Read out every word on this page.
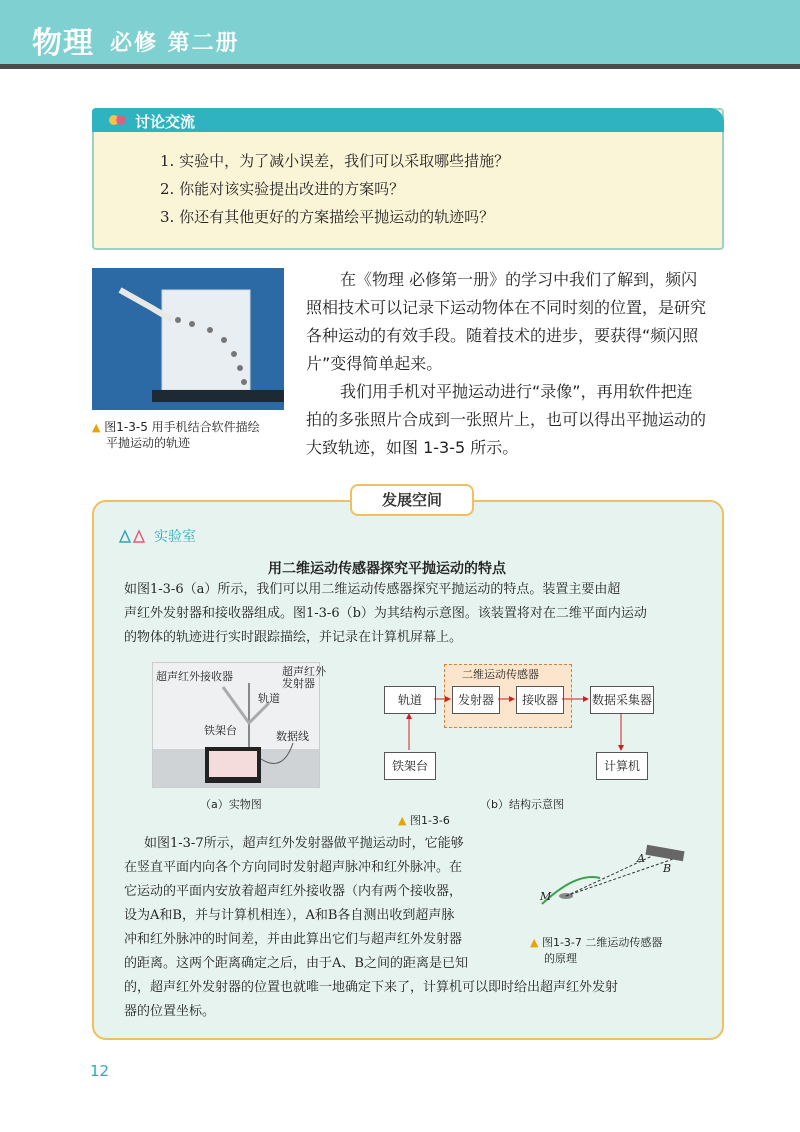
物理 必修 第二册
讨论交流
1. 实验中，为了减小误差，我们可以采取哪些措施？
2. 你能对该实验提出改进的方案吗？
3. 你还有其他更好的方案描绘平抛运动的轨迹吗？
▲ 图1-3-5 用手机结合软件描绘
平抛运动的轨迹
在《物理 必修第一册》的学习中我们了解到，频闪
照相技术可以记录下运动物体在不同时刻的位置，是研究
各种运动的有效手段。随着技术的进步，要获得“频闪照
片”变得简单起来。
我们用手机对平抛运动进行“录像”，再用软件把连
拍的多张照片合成到一张照片上，也可以得出平抛运动的
大致轨迹，如图 1-3-5 所示。
发展空间
实验室
用二维运动传感器探究平抛运动的特点
如图1-3-6（a）所示，我们可以用二维运动传感器探究平抛运动的特点。装置主要由超
声红外发射器和接收器组成。图1-3-6（b）为其结构示意图。该装置将对在二维平面内运动
的物体的轨迹进行实时跟踪描绘，并记录在计算机屏幕上。
超声红外接收器	超声红外
发射器
轨道
铁架台	数据线
（a）实物图
二维运动传感器
轨道	发射器	接收器	数据采集器
铁架台	计算机
（b）结构示意图
▲ 图1-3-6
如图1-3-7所示，超声红外发射器做平抛运动时，它能够
在竖直平面内向各个方向同时发射超声脉冲和红外脉冲。在
它运动的平面内安放着超声红外接收器（内有两个接收器，
设为A和B，并与计算机相连），A和B各自测出收到超声脉
冲和红外脉冲的时间差，并由此算出它们与超声红外发射器
的距离。这两个距离确定之后，由于A、B之间的距离是已知
的，超声红外发射器的位置也就唯一地确定下来了，计算机可以即时给出超声红外发射
器的位置坐标。
A
B
M
▲ 图1-3-7 二维运动传感器
的原理
12
